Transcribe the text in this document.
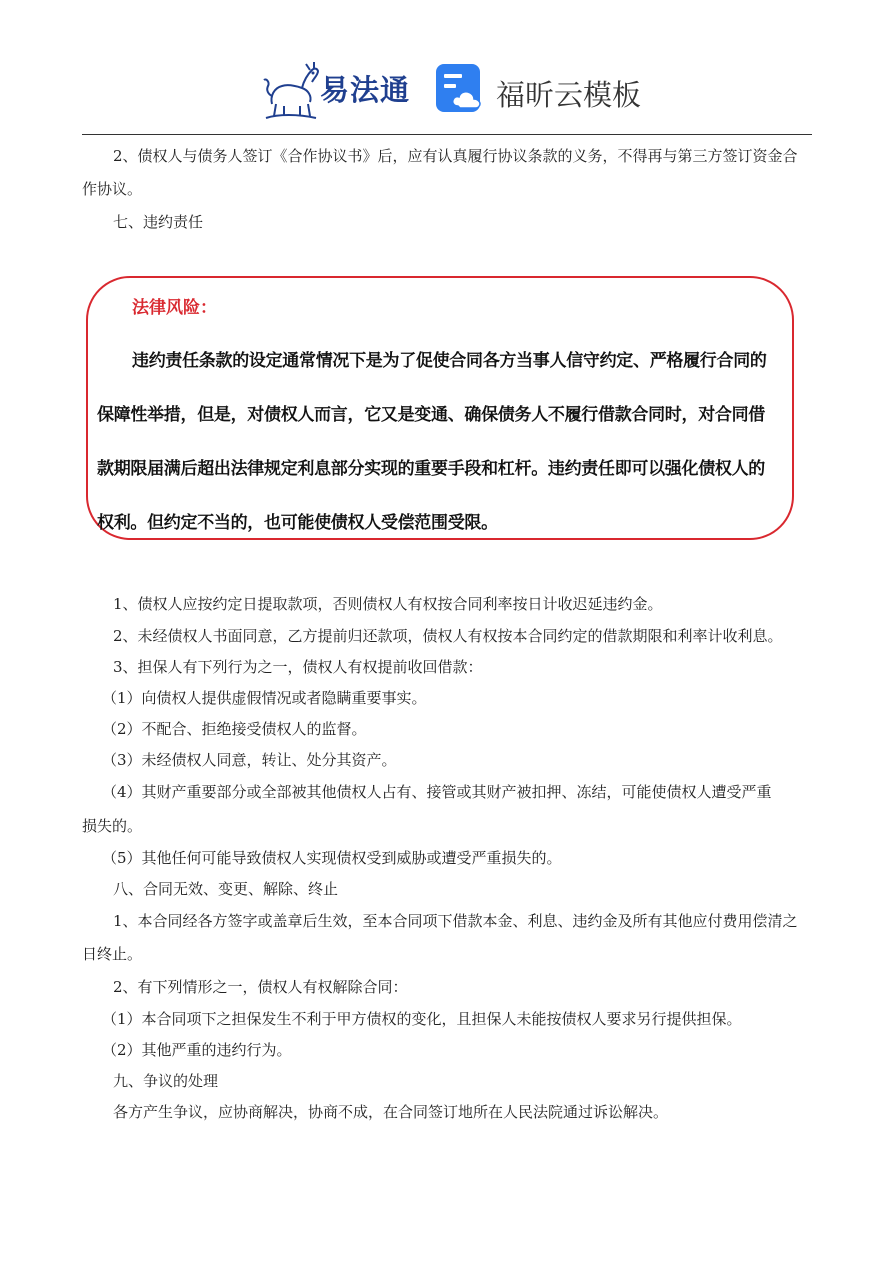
易法通	福昕云模板
2、债权人与债务人签订《合作协议书》后，应有认真履行协议条款的义务，不得再与第三方签订资金合
作协议。
七、违约责任
法律风险：
违约责任条款的设定通常情况下是为了促使合同各方当事人信守约定、严格履行合同的
保障性举措，但是，对债权人而言，它又是变通、确保债务人不履行借款合同时，对合同借
款期限届满后超出法律规定利息部分实现的重要手段和杠杆。违约责任即可以强化债权人的
权利。但约定不当的，也可能使债权人受偿范围受限。
1、债权人应按约定日提取款项，否则债权人有权按合同利率按日计收迟延违约金。
2、未经债权人书面同意，乙方提前归还款项，债权人有权按本合同约定的借款期限和利率计收利息。
3、担保人有下列行为之一，债权人有权提前收回借款：
（1）向债权人提供虚假情况或者隐瞒重要事实。
（2）不配合、拒绝接受债权人的监督。
（3）未经债权人同意，转让、处分其资产。
（4）其财产重要部分或全部被其他债权人占有、接管或其财产被扣押、冻结，可能使债权人遭受严重
损失的。
（5）其他任何可能导致债权人实现债权受到威胁或遭受严重损失的。
八、合同无效、变更、解除、终止
1、本合同经各方签字或盖章后生效，至本合同项下借款本金、利息、违约金及所有其他应付费用偿清之
日终止。
2、有下列情形之一，债权人有权解除合同：
（1）本合同项下之担保发生不利于甲方债权的变化，且担保人未能按债权人要求另行提供担保。
（2）其他严重的违约行为。
九、争议的处理
各方产生争议，应协商解决，协商不成，在合同签订地所在人民法院通过诉讼解决。
